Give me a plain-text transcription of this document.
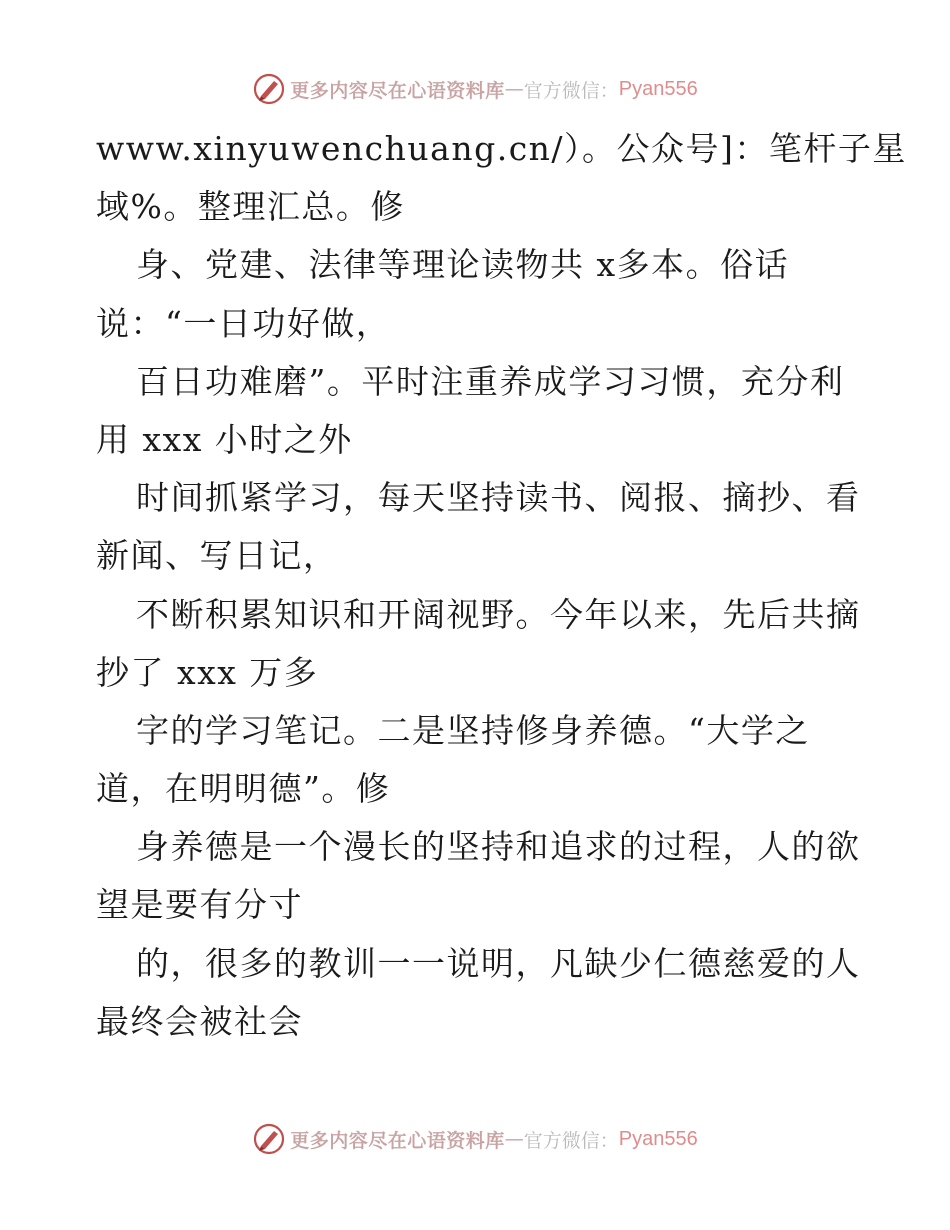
更多内容尽在心语资料库 — 官方微信： Pyan556
www.xinyuwenchuang.cn/）。公众号]：笔杆子星
域%。整理汇总。修
身、党建、法律等理论读物共 x多本。俗话
说：“一日功好做，
百日功难磨”。平时注重养成学习习惯，充分利
用 xxx 小时之外
时间抓紧学习，每天坚持读书、阅报、摘抄、看
新闻、写日记，
不断积累知识和开阔视野。今年以来，先后共摘
抄了 xxx 万多
字的学习笔记。二是坚持修身养德。“大学之
道，在明明德”。修
身养德是一个漫长的坚持和追求的过程，人的欲
望是要有分寸
的，很多的教训一一说明，凡缺少仁德慈爱的人
最终会被社会
更多内容尽在心语资料库 — 官方微信： Pyan556
